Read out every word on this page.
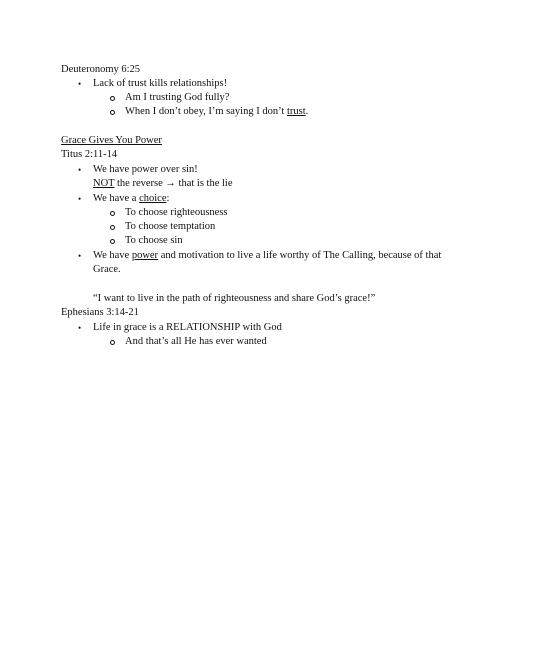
Deuteronomy 6:25
• Lack of trust kills relationships!
Am I trusting God fully?
When I don’t obey, I’m saying I don’t trust.
Grace Gives You Power
Titus 2:11-14
• We have power over sin!
NOT the reverse → that is the lie
• We have a choice:
To choose righteousness
To choose temptation
To choose sin
• We have power and motivation to live a life worthy of The Calling, because of that
Grace.
“I want to live in the path of righteousness and share God’s grace!”
Ephesians 3:14-21
• Life in grace is a RELATIONSHIP with God
And that’s all He has ever wanted
